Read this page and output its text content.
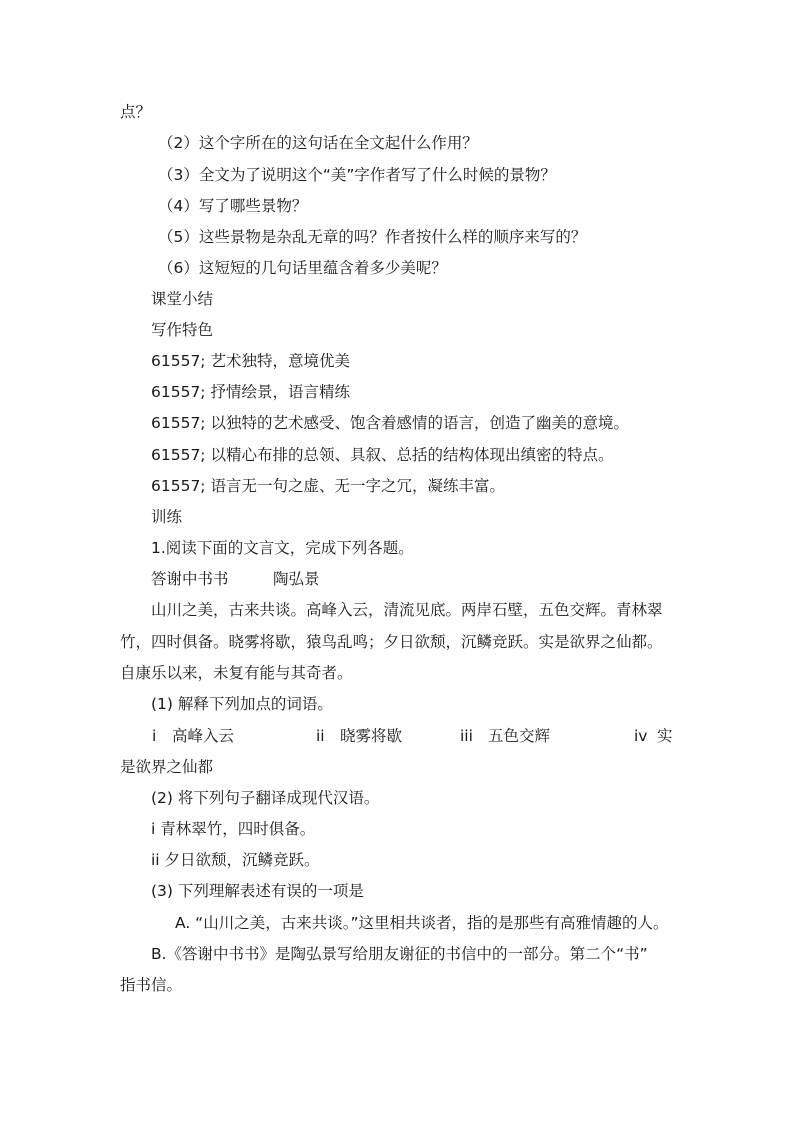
点？
（2）这个字所在的这句话在全文起什么作用？
（3）全文为了说明这个“美”字作者写了什么时候的景物？
（4）写了哪些景物？
（5）这些景物是杂乱无章的吗？作者按什么样的顺序来写的？
（6）这短短的几句话里蕴含着多少美呢？
课堂小结
写作特色
61557; 艺术独特，意境优美
61557; 抒情绘景，语言精练
61557; 以独特的艺术感受、饱含着感情的语言，创造了幽美的意境。
61557; 以精心布排的总领、具叙、总括的结构体现出缜密的特点。
61557; 语言无一句之虚、无一字之冗，凝练丰富。
训练
1.阅读下面的文言文，完成下列各题。
答谢中书书	陶弘景
山川之美，古来共谈。高峰入云，清流见底。两岸石壁，五色交辉。青林翠
竹，四时俱备。晓雾将歇，猿鸟乱鸣；夕日欲颓，沉鳞竞跃。实是欲界之仙都。
自康乐以来，未复有能与其奇者。
(1) 解释下列加点的词语。
i 高峰入云	ii 晓雾将歇	iii 五色交辉	iv 实
是欲界之仙都
(2) 将下列句子翻译成现代汉语。
i 青林翠竹，四时俱备。
ii 夕日欲颓，沉鳞竞跃。
(3) 下列理解表述有误的一项是
A. “山川之美，古来共谈。”这里相共谈者，指的是那些有高雅情趣的人。
B.《答谢中书书》是陶弘景写给朋友谢征的书信中的一部分。第二个“书”
指书信。
